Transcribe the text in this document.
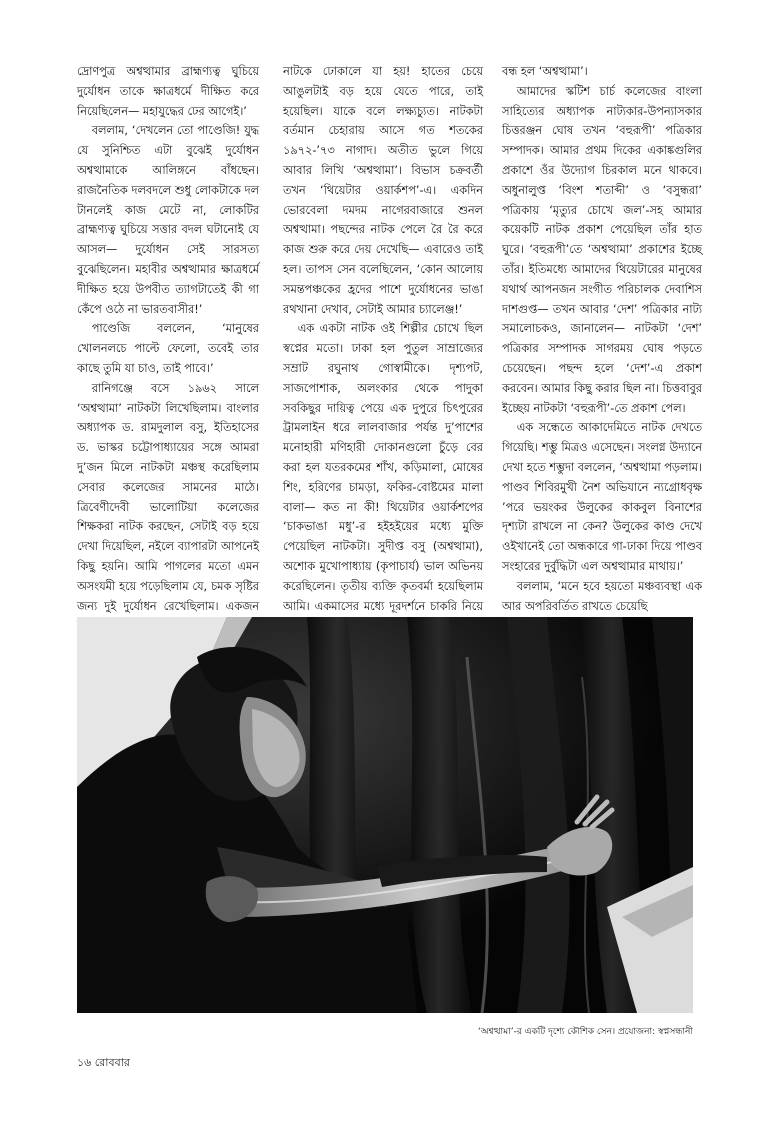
দ্রোণপুত্র অশ্বত্থামার ব্রাহ্মণ্যত্ব ঘুচিয়ে দুর্যোধন তাকে ক্ষাত্রধর্মে দীক্ষিত করে নিয়েছিলেন— মহাযুদ্ধের ঢের আগেই।’

বললাম, ‘দেখলেন তো পাণ্ডেজি! যুদ্ধ যে সুনিশ্চিত এটা বুঝেই দুর্যোধন অশ্বত্থামাকে আলিঙ্গনে বাঁধছেন। রাজনৈতিক দলবদলে শুধু লোকটাকে দল টানলেই কাজ মেটে না, লোকটির ব্রাহ্মণ্যত্ব ঘুচিয়ে সত্তার বদল ঘটানোই যে আসল— দুর্যোধন সেই সারসত্য বুঝেছিলেন। মহাবীর অশ্বত্থামার ক্ষাত্রধর্মে দীক্ষিত হয়ে উপবীত ত্যাগটাতেই কী গা কেঁপে ওঠে না ভারতবাসীর!’

পাণ্ডেজি বললেন, ‘মানুষের খোলনলচে পাল্টে ফেলো, তবেই তার কাছে তুমি যা চাও, তাই পাবে।’

রানিগঞ্জে বসে ১৯৬২ সালে ‘অশ্বত্থামা’ নাটকটা লিখেছিলাম। বাংলার অধ্যাপক ড. রামদুলাল বসু, ইতিহাসের ড. ভাস্কর চট্টোপাধ্যায়ের সঙ্গে আমরা দু’জন মিলে নাটকটা মঞ্চস্থ করেছিলাম সেবার কলেজের সামনের মাঠে। ত্রিবেণীদেবী ভালোটিয়া কলেজের শিক্ষকরা নাটক করছেন, সেটাই বড় হয়ে দেখা দিয়েছিল, নইলে ব্যাপারটা আপনেই কিছু হয়নি। আমি পাগলের মতো এমন অসংযমী হয়ে পড়েছিলাম যে, চমক সৃষ্টির জন্য দুই দুর্যোধন রেখেছিলাম। একজন

নাটকে ঢোকালে যা হয়! হাতের চেয়ে আঙুলটাই বড় হয়ে যেতে পারে, তাই হয়েছিল। যাকে বলে লক্ষ্যচ্যুত। নাটকটা বর্তমান চেহারায় আসে গত শতকের ১৯৭২-’৭৩ নাগাদ। অতীত ভুলে গিয়ে আবার লিখি ‘অশ্বত্থামা’। বিভাস চক্রবর্তী তখন ‘থিয়েটার ওয়ার্কশপ’-এ। একদিন ভোরবেলা দমদম নাগেরবাজারে শুনল অশ্বত্থামা। পছন্দের নাটক পেলে রৈ রৈ করে কাজ শুরু করে দেয় দেখেছি— এবারেও তাই হল। তাপস সেন বলেছিলেন, ‘কোন আলোয় সমন্তপঞ্চকের হ্রদের পাশে দুর্যোধনের ভাঙা রথখানা দেখাব, সেটাই আমার চ্যালেঞ্জ!’

এক একটা নাটক ওই শিল্পীর চোখে ছিল স্বপ্নের মতো। ঢাকা হল পুতুল সাম্রাজ্যের সম্রাট রঘুনাথ গোস্বামীকে। দৃশ্যপট, সাজপোশাক, অলংকার থেকে পাদুকা সবকিছুর দায়িত্ব পেয়ে এক দুপুরে চিৎপুরের ট্রামলাইন ধরে লালবাজার পর্যন্ত দু’পাশের মনোহারী মণিহারী দোকানগুলো চুঁড়ে বের করা হল যতরকমের শাঁখ, কড়িমালা, মোষের শিং, হরিণের চামড়া, ফকির-বোষ্টমের মালা বালা— কত না কী! থিয়েটার ওয়ার্কশপের ‘চাকভাঙা মধু’-র হইহইয়ের মধ্যে মুক্তি পেয়েছিল নাটকটা। সুদীপ্ত বসু (অশ্বত্থামা), অশোক মুখোপাধ্যায় (কৃপাচার্য) ভাল অভিনয় করেছিলেন। তৃতীয় ব্যক্তি কৃতবর্মা হয়েছিলাম আমি। একমাসের মধ্যে দূরদর্শনে চাকরি নিয়ে

বন্ধ হল ‘অশ্বত্থামা’।

আমাদের স্কটিশ চার্চ কলেজের বাংলা সাহিত্যের অধ্যাপক নাট্যকার-উপন্যাসকার চিত্তরঞ্জন ঘোষ তখন ‘বহুরূপী’ পত্রিকার সম্পাদক। আমার প্রথম দিকের একাঙ্কগুলির প্রকাশে ওঁর উদ্যোগ চিরকাল মনে থাকবে। অধুনালুপ্ত ‘বিংশ শতাব্দী’ ও ‘বসুন্ধরা’ পত্রিকায় ‘মৃত্যুর চোখে জল’-সহ আমার কয়েকটি নাটক প্রকাশ পেয়েছিল তাঁর হাত ঘুরে। ‘বহুরূপী’তে ‘অশ্বত্থামা’ প্রকাশের ইচ্ছে তাঁর। ইতিমধ্যে আমাদের থিয়েটারের মানুষের যথার্থ আপনজন সংগীত পরিচালক দেবাশিস দাশগুপ্ত— তখন আবার ‘দেশ’ পত্রিকার নাট্য সমালোচকও, জানালেন— নাটকটা ‘দেশ’ পত্রিকার সম্পাদক সাগরময় ঘোষ পড়তে চেয়েছেন। পছন্দ হলে ‘দেশ’-এ প্রকাশ করবেন। আমার কিছু করার ছিল না। চিত্তবাবুর ইচ্ছেয় নাটকটা ‘বহুরূপী’-তে প্রকাশ পেল।

এক সন্ধেতে আকাদেমিতে নাটক দেখতে গিয়েছি। শম্ভু মিত্রও এসেছেন। সংলগ্ন উদ্যানে দেখা হতে শম্ভুদা বললেন, ‘অশ্বত্থামা পড়লাম। পাণ্ডব শিবিরমুখী নৈশ অভিযানে ন্যগ্রোধবৃক্ষ ’পরে ভয়ংকর উলুকের কাকবুল বিনাশের দৃশ্যটা রাখলে না কেন? উলুকের কাণ্ড দেখে ওইখানেই তো অন্ধকারে গা-ঢাকা দিয়ে পাণ্ডব সংহারের দুর্বুদ্ধিটা এল অশ্বত্থামার মাথায়।’

বললাম, ‘মনে হবে হয়তো মঞ্চব্যবস্থা এক আর অপরিবর্তিত রাখতে চেয়েছি

‘অশ্বত্থামা’-র একটি দৃশ্যে কৌশিক সেন। প্রযোজনা: স্বপ্নসন্ধানী
১৬ রোববার
